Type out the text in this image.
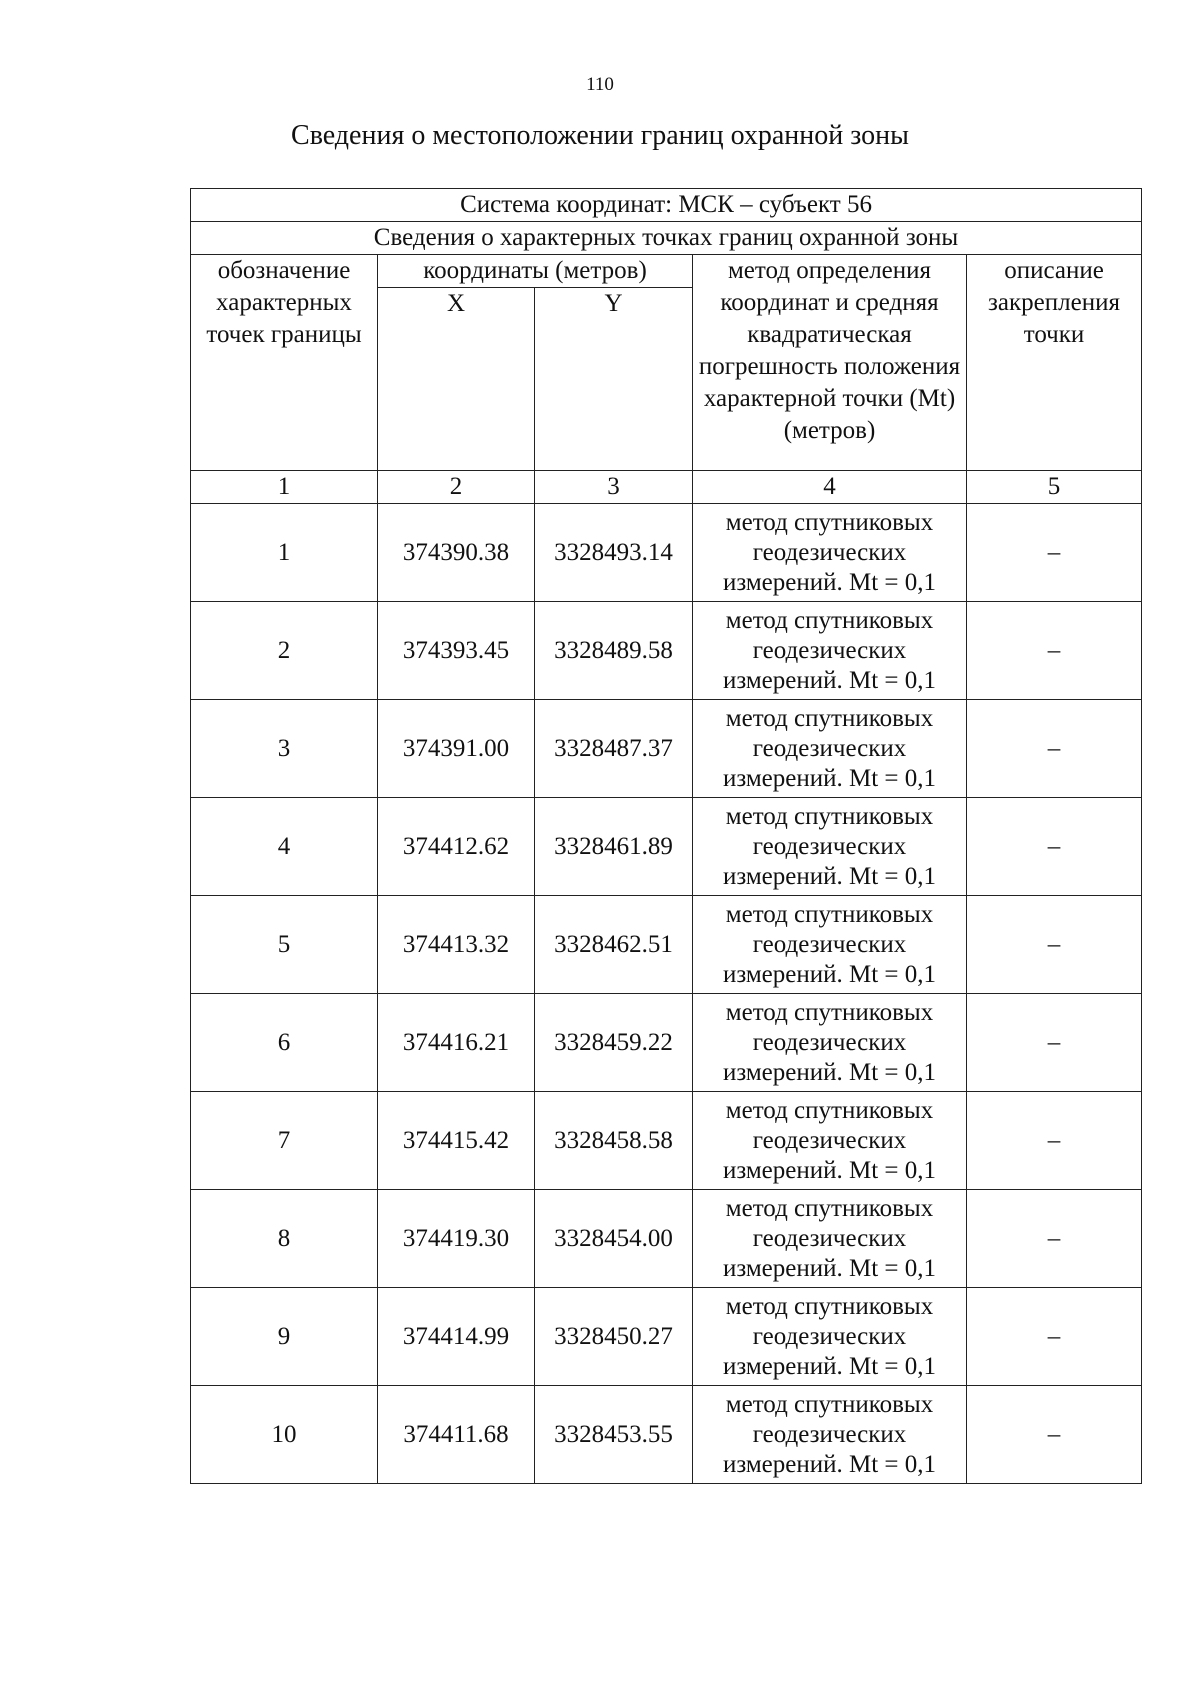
110
Сведения о местоположении границ охранной зоны
Система координат: МСК – субъект 56				
Сведения о характерных точках границ охранной зоны				
обозначение характерных точек границы	координаты (метров)		метод определения координат и средняя квадратическая погрешность положения характерной точки (Mt) (метров)	описание закрепления точки
	X	Y		
1	2	3	4	5
1	374390.38	3328493.14	метод спутниковых геодезических измерений. Mt = 0,1	–
2	374393.45	3328489.58	метод спутниковых геодезических измерений. Mt = 0,1	–
3	374391.00	3328487.37	метод спутниковых геодезических измерений. Mt = 0,1	–
4	374412.62	3328461.89	метод спутниковых геодезических измерений. Mt = 0,1	–
5	374413.32	3328462.51	метод спутниковых геодезических измерений. Mt = 0,1	–
6	374416.21	3328459.22	метод спутниковых геодезических измерений. Mt = 0,1	–
7	374415.42	3328458.58	метод спутниковых геодезических измерений. Mt = 0,1	–
8	374419.30	3328454.00	метод спутниковых геодезических измерений. Mt = 0,1	–
9	374414.99	3328450.27	метод спутниковых геодезических измерений. Mt = 0,1	–
10	374411.68	3328453.55	метод спутниковых геодезических измерений. Mt = 0,1	–
